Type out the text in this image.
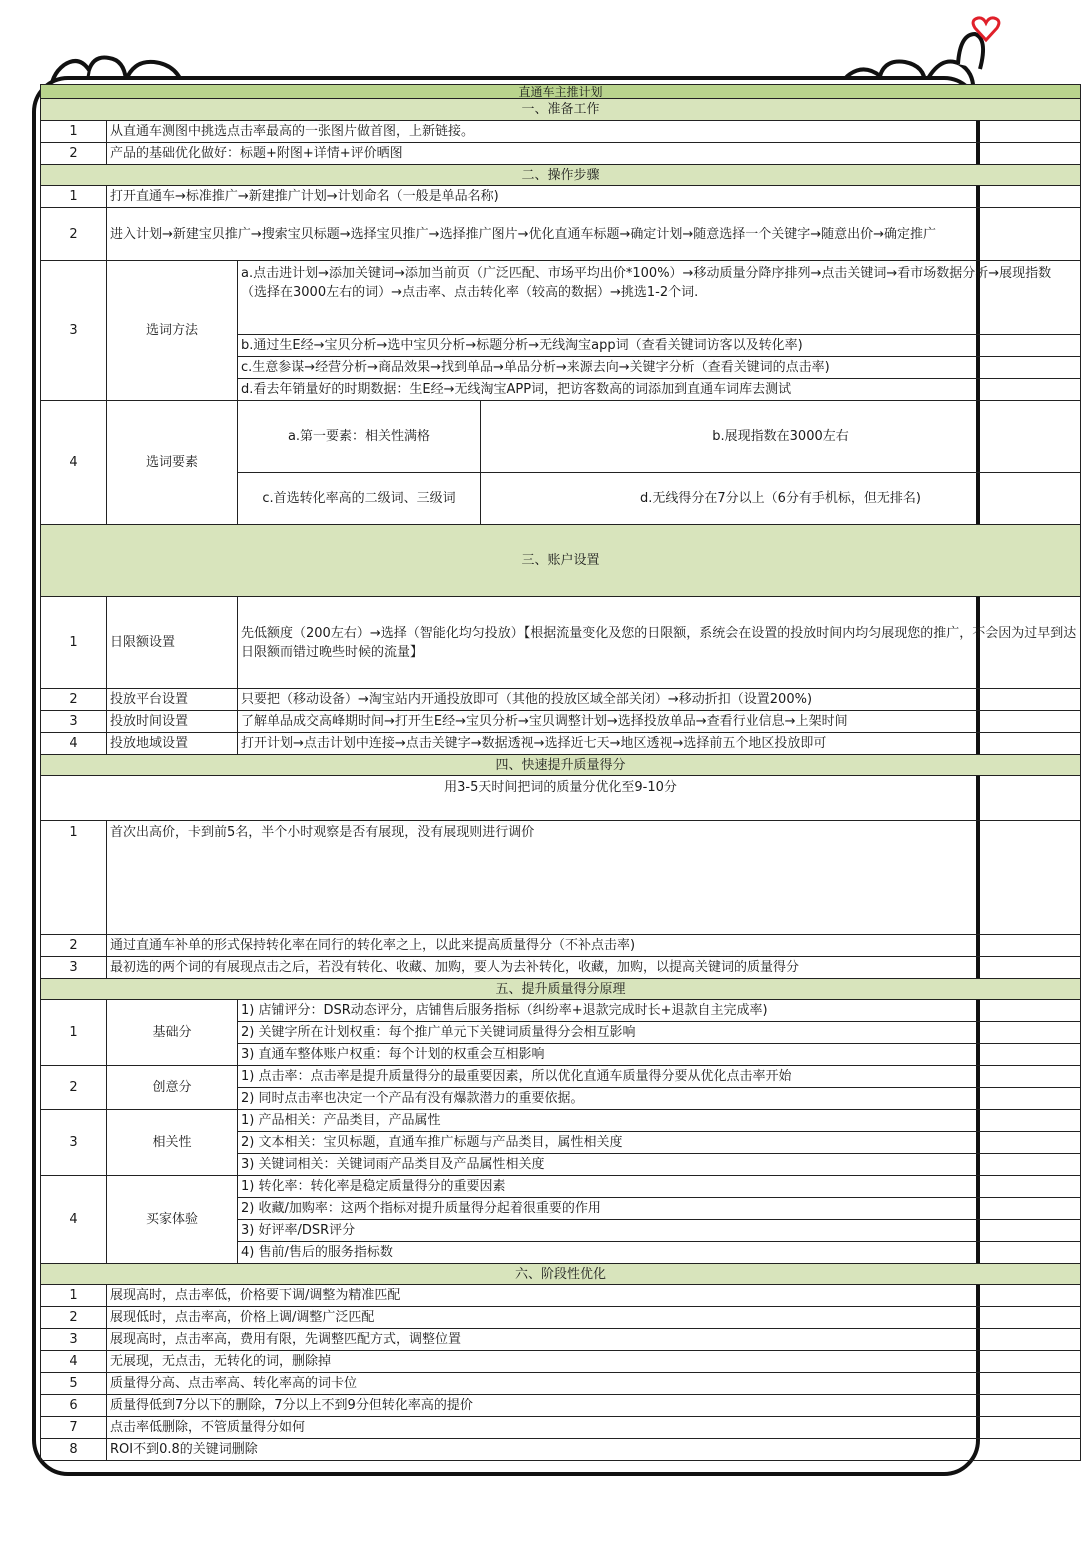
直通车主推计划			
一、准备工作			
1	从直通车测图中挑选点击率最高的一张图片做首图，上新链接。		
2	产品的基础优化做好：标题+附图+详情+评价晒图		
二、操作步骤			
1	打开直通车→标准推广→新建推广计划→计划命名（一般是单品名称)		
2	进入计划→新建宝贝推广→搜索宝贝标题→选择宝贝推广→选择推广图片→优化直通车标题→确定计划→随意选择一个关键字→随意出价→确定推广		
3	选词方法	a.点击进计划→添加关键词→添加当前页（广泛匹配、市场平均出价*100%）→移动质量分降序排列→点击关键词→看市场数据分析→展现指数（选择在3000左右的词）→点击率、点击转化率（较高的数据）→挑选1-2个词.	
		b.通过生E经→宝贝分析→选中宝贝分析→标题分析→无线淘宝app词（查看关键词访客以及转化率)	
		c.生意参谋→经营分析→商品效果→找到单品→单品分析→来源去向→关键字分析（查看关键词的点击率)	
		d.看去年销量好的时期数据：生E经→无线淘宝APP词，把访客数高的词添加到直通车词库去测试	
4	选词要素	a.第一要素：相关性满格	b.展现指数在3000左右
		c.首选转化率高的二级词、三级词	d.无线得分在7分以上（6分有手机标，但无排名)
三、账户设置			
1	日限额设置	先低额度（200左右）→选择（智能化均匀投放）【根据流量变化及您的日限额，系统会在设置的投放时间内均匀展现您的推广，不会因为过早到达日限额而错过晚些时候的流量】	
2	投放平台设置	只要把（移动设备）→淘宝站内开通投放即可（其他的投放区域全部关闭）→移动折扣（设置200%)	
3	投放时间设置	了解单品成交高峰期时间→打开生E经→宝贝分析→宝贝调整计划→选择投放单品→查看行业信息→上架时间	
4	投放地域设置	打开计划→点击计划中连接→点击关键字→数据透视→选择近七天→地区透视→选择前五个地区投放即可	
四、快速提升质量得分			
用3-5天时间把词的质量分优化至9-10分			
1	首次出高价，卡到前5名，半个小时观察是否有展现，没有展现则进行调价		
2	通过直通车补单的形式保持转化率在同行的转化率之上，以此来提高质量得分（不补点击率)		
3	最初选的两个词的有展现点击之后，若没有转化、收藏、加购，要人为去补转化，收藏，加购，以提高关键词的质量得分		
五、提升质量得分原理			
1	基础分	1) 店铺评分：DSR动态评分，店铺售后服务指标（纠纷率+退款完成时长+退款自主完成率)	
		2) 关键字所在计划权重：每个推广单元下关键词质量得分会相互影响	
		3) 直通车整体账户权重：每个计划的权重会互相影响	
2	创意分	1) 点击率：点击率是提升质量得分的最重要因素，所以优化直通车质量得分要从优化点击率开始	
		2) 同时点击率也决定一个产品有没有爆款潜力的重要依据。	
3	相关性	1) 产品相关：产品类目，产品属性	
		2) 文本相关：宝贝标题，直通车推广标题与产品类目，属性相关度	
		3) 关键词相关：关键词雨产品类目及产品属性相关度	
4	买家体验	1) 转化率：转化率是稳定质量得分的重要因素	
		2) 收藏/加购率：这两个指标对提升质量得分起着很重要的作用	
		3) 好评率/DSR评分	
		4) 售前/售后的服务指标数	
六、阶段性优化			
1	展现高时，点击率低，价格要下调/调整为精准匹配		
2	展现低时，点击率高，价格上调/调整广泛匹配		
3	展现高时，点击率高，费用有限，先调整匹配方式，调整位置		
4	无展现，无点击，无转化的词，删除掉		
5	质量得分高、点击率高、转化率高的词卡位		
6	质量得低到7分以下的删除，7分以上不到9分但转化率高的提价		
7	点击率低删除，不管质量得分如何		
8	ROI不到0.8的关键词删除		
